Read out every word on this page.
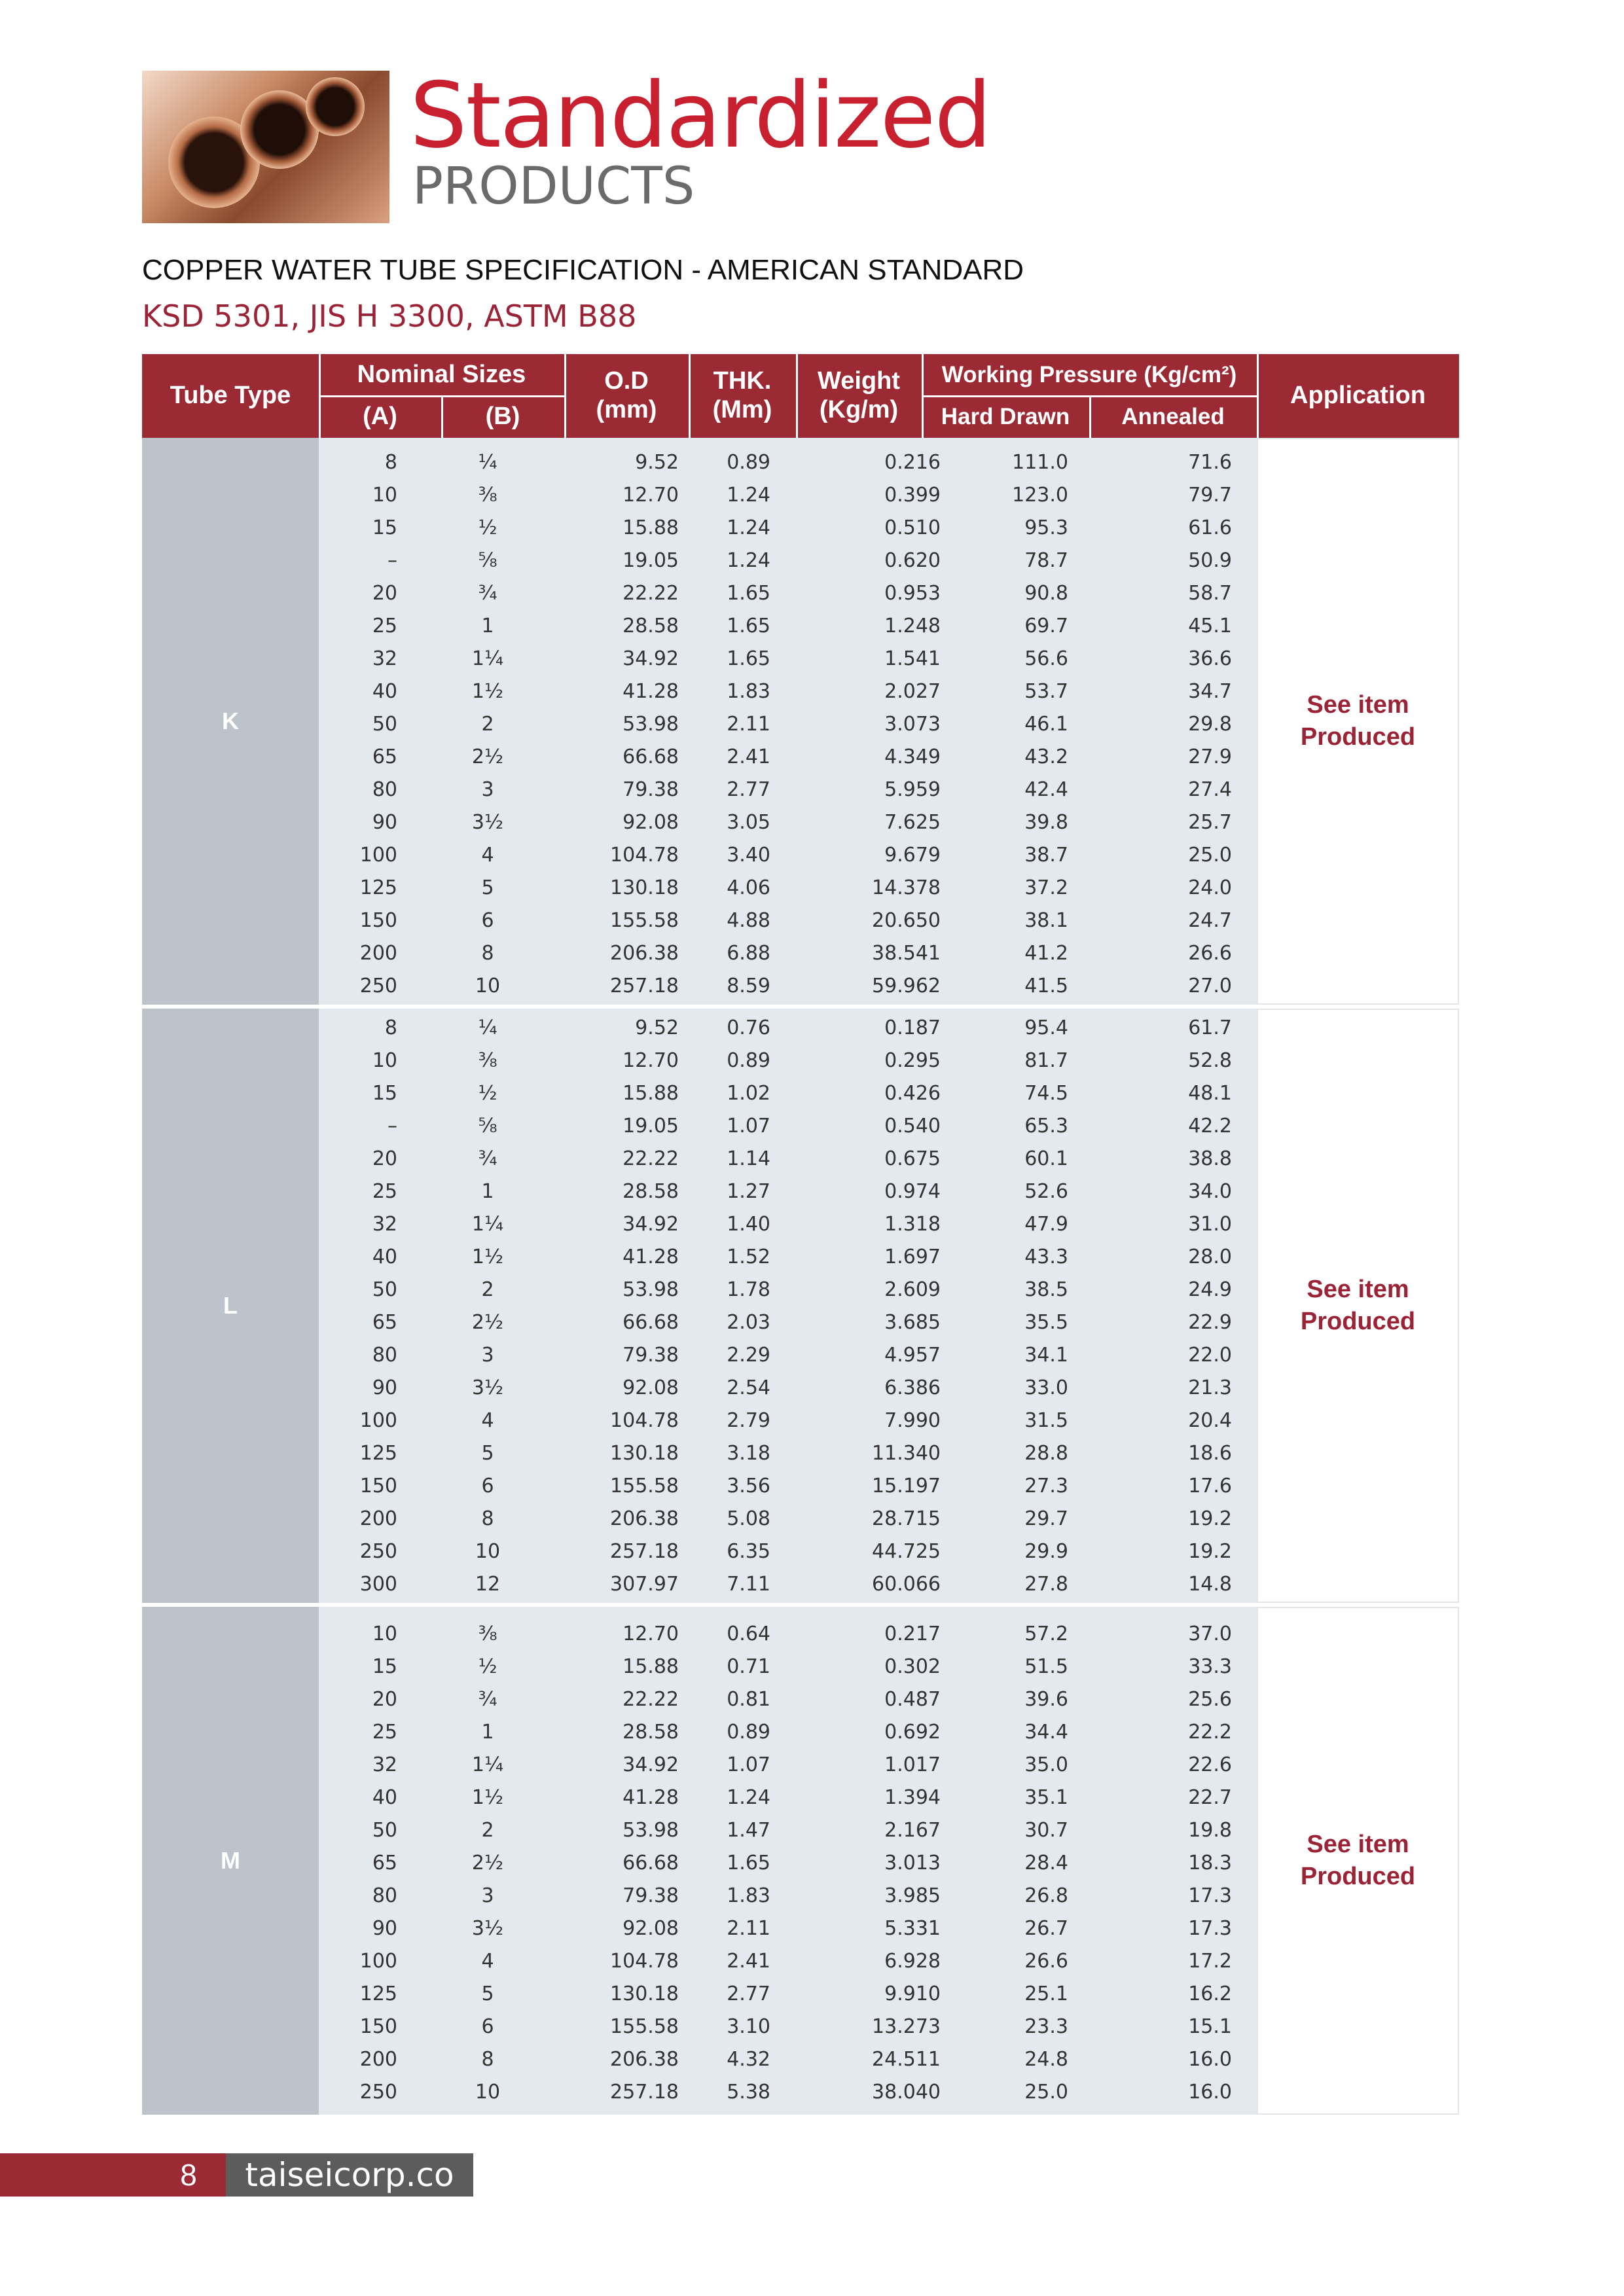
Standardized
PRODUCTS
COPPER WATER TUBE SPECIFICATION - AMERICAN STANDARD
KSD 5301, JIS H 3300, ASTM B88
Tube Type
Nominal Sizes
(A)	(B)
O.D
(mm)
THK.
(Mm)
Weight
(Kg/m)
Working Pressure (Kg/cm²)
Hard Drawn	Annealed
Application
K
8	¼	9.52	0.89	0.216	111.0	71.6
10	⅜	12.70	1.24	0.399	123.0	79.7
15	½	15.88	1.24	0.510	95.3	61.6
–	⅝	19.05	1.24	0.620	78.7	50.9
20	¾	22.22	1.65	0.953	90.8	58.7
25	1	28.58	1.65	1.248	69.7	45.1
32	1¼	34.92	1.65	1.541	56.6	36.6
40	1½	41.28	1.83	2.027	53.7	34.7
50	2	53.98	2.11	3.073	46.1	29.8
65	2½	66.68	2.41	4.349	43.2	27.9
80	3	79.38	2.77	5.959	42.4	27.4
90	3½	92.08	3.05	7.625	39.8	25.7
100	4	104.78	3.40	9.679	38.7	25.0
125	5	130.18	4.06	14.378	37.2	24.0
150	6	155.58	4.88	20.650	38.1	24.7
200	8	206.38	6.88	38.541	41.2	26.6
250	10	257.18	8.59	59.962	41.5	27.0
See item
Produced
L
8	¼	9.52	0.76	0.187	95.4	61.7
10	⅜	12.70	0.89	0.295	81.7	52.8
15	½	15.88	1.02	0.426	74.5	48.1
–	⅝	19.05	1.07	0.540	65.3	42.2
20	¾	22.22	1.14	0.675	60.1	38.8
25	1	28.58	1.27	0.974	52.6	34.0
32	1¼	34.92	1.40	1.318	47.9	31.0
40	1½	41.28	1.52	1.697	43.3	28.0
50	2	53.98	1.78	2.609	38.5	24.9
65	2½	66.68	2.03	3.685	35.5	22.9
80	3	79.38	2.29	4.957	34.1	22.0
90	3½	92.08	2.54	6.386	33.0	21.3
100	4	104.78	2.79	7.990	31.5	20.4
125	5	130.18	3.18	11.340	28.8	18.6
150	6	155.58	3.56	15.197	27.3	17.6
200	8	206.38	5.08	28.715	29.7	19.2
250	10	257.18	6.35	44.725	29.9	19.2
300	12	307.97	7.11	60.066	27.8	14.8
See item
Produced
M
10	⅜	12.70	0.64	0.217	57.2	37.0
15	½	15.88	0.71	0.302	51.5	33.3
20	¾	22.22	0.81	0.487	39.6	25.6
25	1	28.58	0.89	0.692	34.4	22.2
32	1¼	34.92	1.07	1.017	35.0	22.6
40	1½	41.28	1.24	1.394	35.1	22.7
50	2	53.98	1.47	2.167	30.7	19.8
65	2½	66.68	1.65	3.013	28.4	18.3
80	3	79.38	1.83	3.985	26.8	17.3
90	3½	92.08	2.11	5.331	26.7	17.3
100	4	104.78	2.41	6.928	26.6	17.2
125	5	130.18	2.77	9.910	25.1	16.2
150	6	155.58	3.10	13.273	23.3	15.1
200	8	206.38	4.32	24.511	24.8	16.0
250	10	257.18	5.38	38.040	25.0	16.0
See item
Produced
8	taiseicorp.co
